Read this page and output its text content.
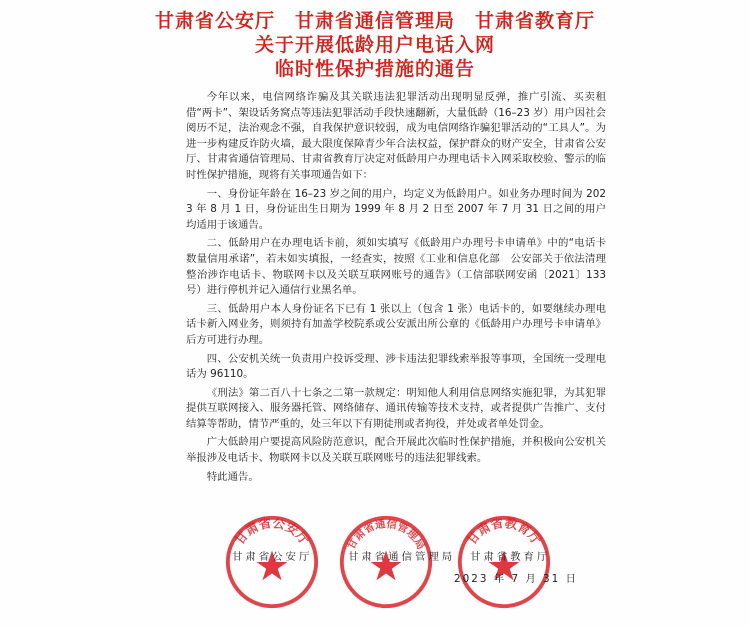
甘肃省公安厅　甘肃省通信管理局　甘肃省教育厅
关于开展低龄用户电话入网
临时性保护措施的通告

今年以来，电信网络诈骗及其关联违法犯罪活动出现明显反弹，推广引流、买卖租借“两卡”、架设话务窝点等违法犯罪活动手段快速翻新，大量低龄（16–23 岁）用户因社会阅历不足，法治观念不强，自我保护意识较弱，成为电信网络诈骗犯罪活动的“工具人”。为进一步构建反诈防火墙，最大限度保障青少年合法权益，保护群众的财产安全，甘肃省公安厅、甘肃省通信管理局、甘肃省教育厅决定对低龄用户办理电话卡入网采取校验、警示的临时性保护措施，现将有关事项通告如下：

一、身份证年龄在 16–23 岁之间的用户，均定义为低龄用户。如业务办理时间为 2023 年 8 月 1 日，身份证出生日期为 1999 年 8 月 2 日至 2007 年 7 月 31 日之间的用户均适用于该通告。

二、低龄用户在办理电话卡前，须如实填写《低龄用户办理号卡申请单》中的“电话卡数量信用承诺”，若未如实填报，一经查实，按照《工业和信息化部　公安部关于依法清理整治涉诈电话卡、物联网卡以及关联互联网账号的通告》（工信部联网安函〔2021〕133 号）进行停机并记入通信行业黑名单。

三、低龄用户本人身份证名下已有 1 张以上（包含 1 张）电话卡的，如要继续办理电话卡新入网业务，则须持有加盖学校院系或公安派出所公章的《低龄用户办理号卡申请单》后方可进行办理。

四、公安机关统一负责用户投诉受理、涉卡违法犯罪线索举报等事项，全国统一受理电话为 96110。

《刑法》第二百八十七条之二第一款规定：明知他人利用信息网络实施犯罪，为其犯罪提供互联网接入、服务器托管、网络储存、通讯传输等技术支持，或者提供广告推广、支付结算等帮助，情节严重的，处三年以下有期徒刑或者拘役，并处或者单处罚金。

广大低龄用户要提高风险防范意识，配合开展此次临时性保护措施，并积极向公安机关举报涉及电话卡、物联网卡以及关联互联网账号的违法犯罪线索。

特此通告。

甘肃省公安厅	甘肃省通信管理局	甘肃省教育厅
甘肃省公安厅	甘肃省通信管理局 甘肃省教育厅
2023 年 7 月 31 日
